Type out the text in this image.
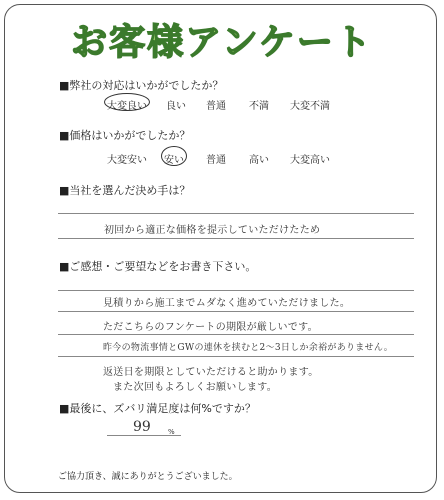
お客様アンケート
■弊社の対応はいかがでしたか？
大変良い 良い 普通 不満 大変不満
■価格はいかがでしたか？
大変安い 安い 普通 高い 大変高い
■当社を選んだ決め手は？
初回から適正な価格を提示していただけたため
■ご感想・ご要望などをお書き下さい。
見積りから施工までムダなく進めていただけました。
ただこちらのフンケートの期限が厳しいです。
昨今の物流事情とGWの連休を挟むと2〜3日しか余裕がありません。
返送日を期限としていただけると助かります。
また次回もよろしくお願いします。
■最後に、ズバリ満足度は何%ですか？
99 %
ご協力頂き、誠にありがとうございました。
